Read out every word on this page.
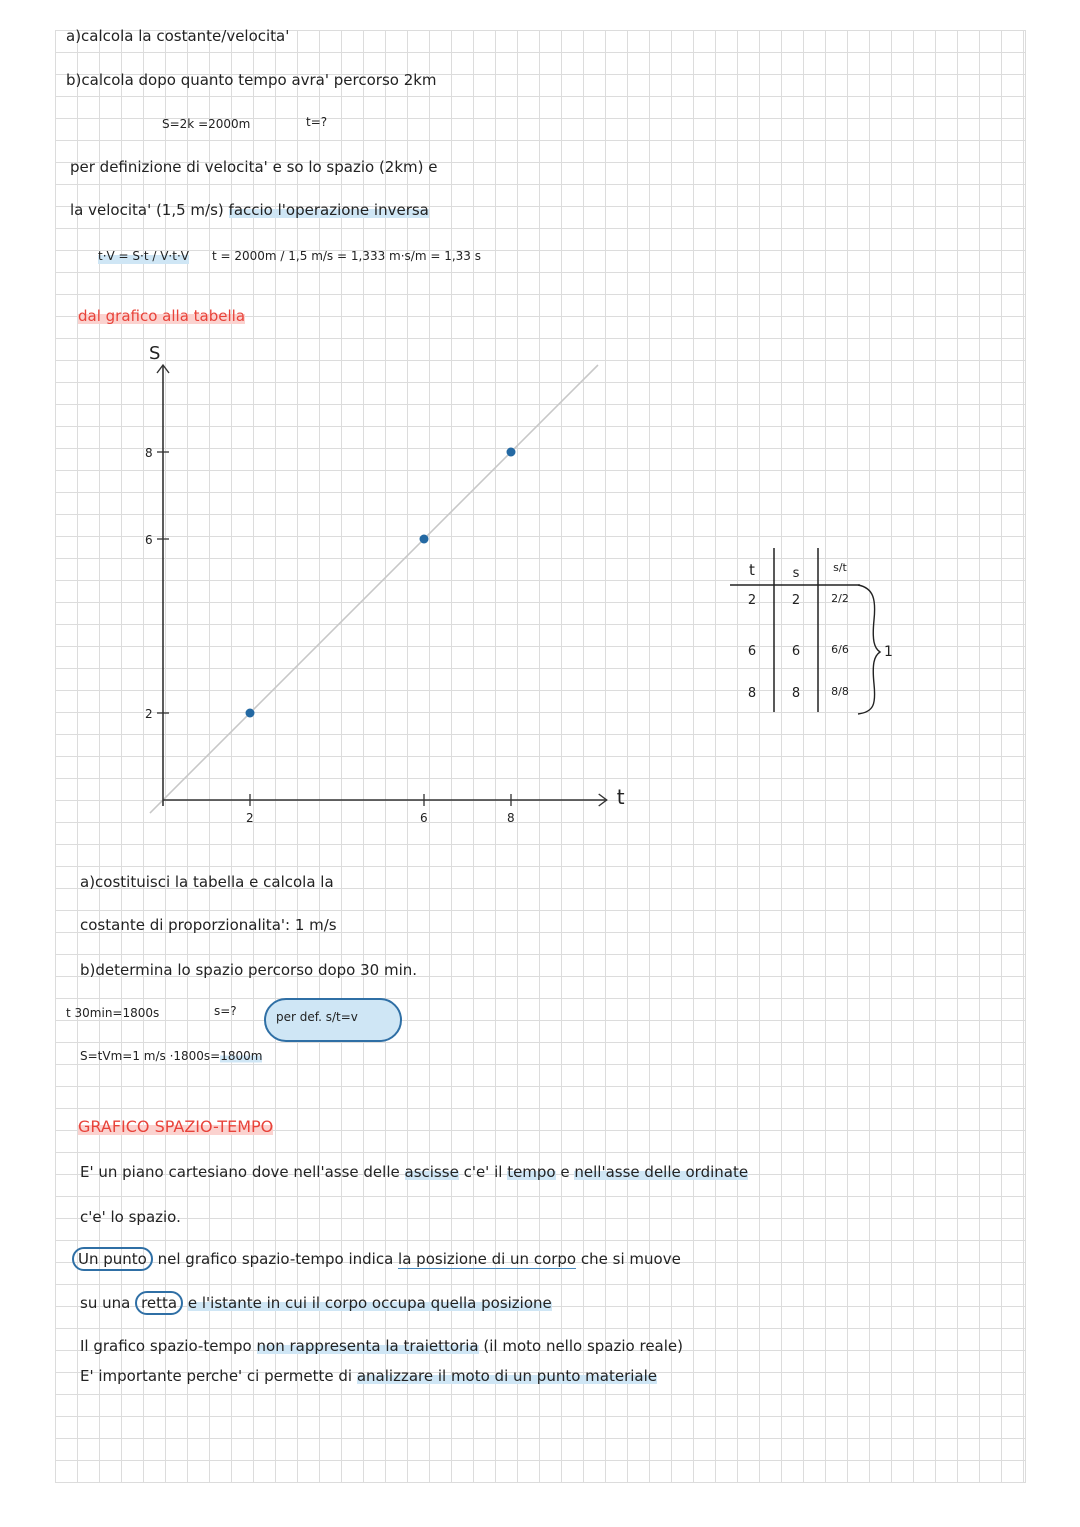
a)calcola la costante/velocita'
b)calcola dopo quanto tempo avra' percorso 2km
S=2k =2000m	t=?
per definizione di velocita' e so lo spazio (2km) e
la velocita' (1,5 m/s) faccio l'operazione inversa
t·V = S·t / V·t·V t = 2000m / 1,5 m/s = 1,333 m·s/m = 1,33 s
dal grafico alla tabella
t
S
2	6	8
2
6
8
t	s	s/t
2	2	2/2
6	6	6/6
8	8	8/8
1
a)costituisci la tabella e calcola la
costante di proporzionalita': 1 m/s
b)determina lo spazio percorso dopo 30 min.
t 30min=1800s	s=?	per def. s/t=v
S=tVm=1 m/s ·1800s=1800m
GRAFICO SPAZIO-TEMPO
E' un piano cartesiano dove nell'asse delle ascisse c'e' il tempo e nell'asse delle ordinate
c'e' lo spazio.
Un punto nel grafico spazio-tempo indica la posizione di un corpo che si muove
su una retta e l'istante in cui il corpo occupa quella posizione
Il grafico spazio-tempo non rappresenta la traiettoria (il moto nello spazio reale)
E' importante perche' ci permette di analizzare il moto di un punto materiale
